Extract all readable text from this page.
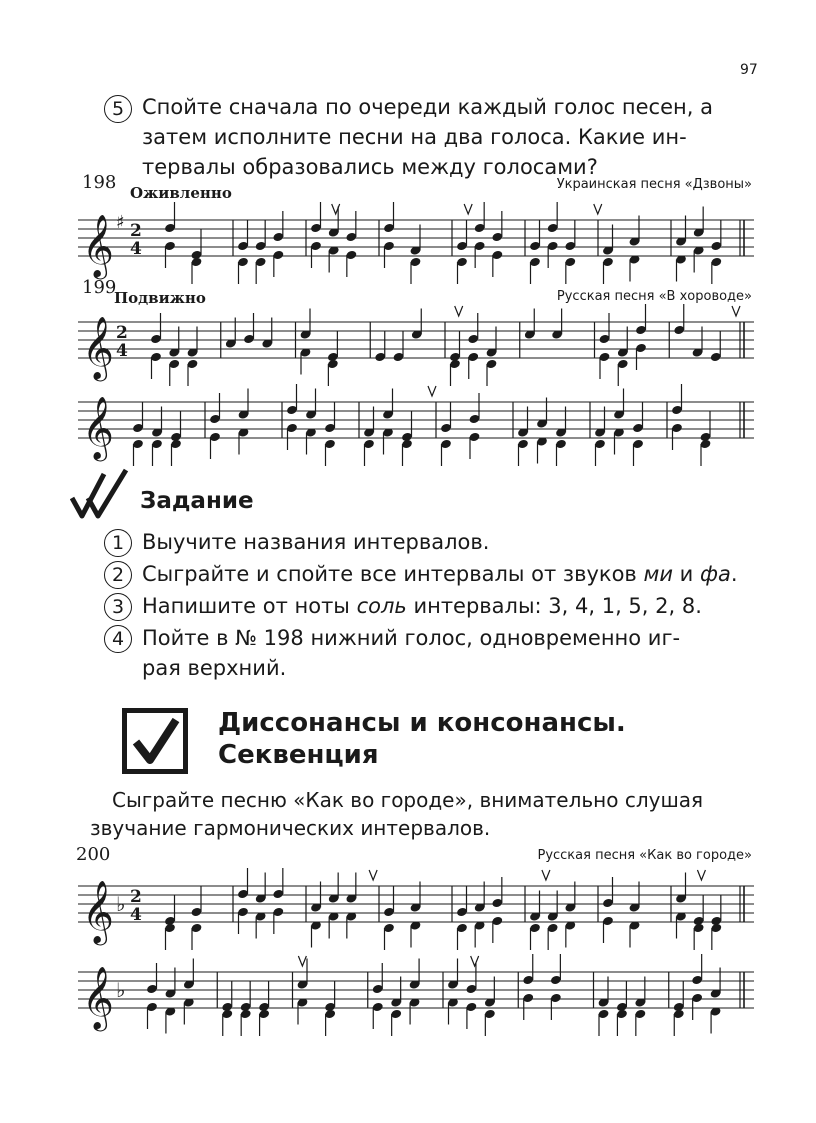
97
5 Спойте сначала по очереди каждый голос песен, а
затем исполните песни на два голоса. Какие ин-
тервалы образовались между голосами?
198 Оживленно	Украинская песня «Дзвоны»
𝄞 ♯ 2
4
199
Подвижно	Русская песня «В хороводе»
𝄞 2
4
𝄞
Задание
1 Выучите названия интервалов.
2 Сыграйте и спойте все интервалы от звуков ми и фа.
3 Напишите от ноты соль интервалы: 3, 4, 1, 5, 2, 8.
4 Пойте в № 198 нижний голос, одновременно иг-
рая верхний.
Диссонансы и консонансы.
Секвенция
Сыграйте песню «Как во городе», внимательно слушая
звучание гармонических интервалов.
200	Русская песня «Как во городе»
𝄞 ♭ 2
4
𝄞 ♭
